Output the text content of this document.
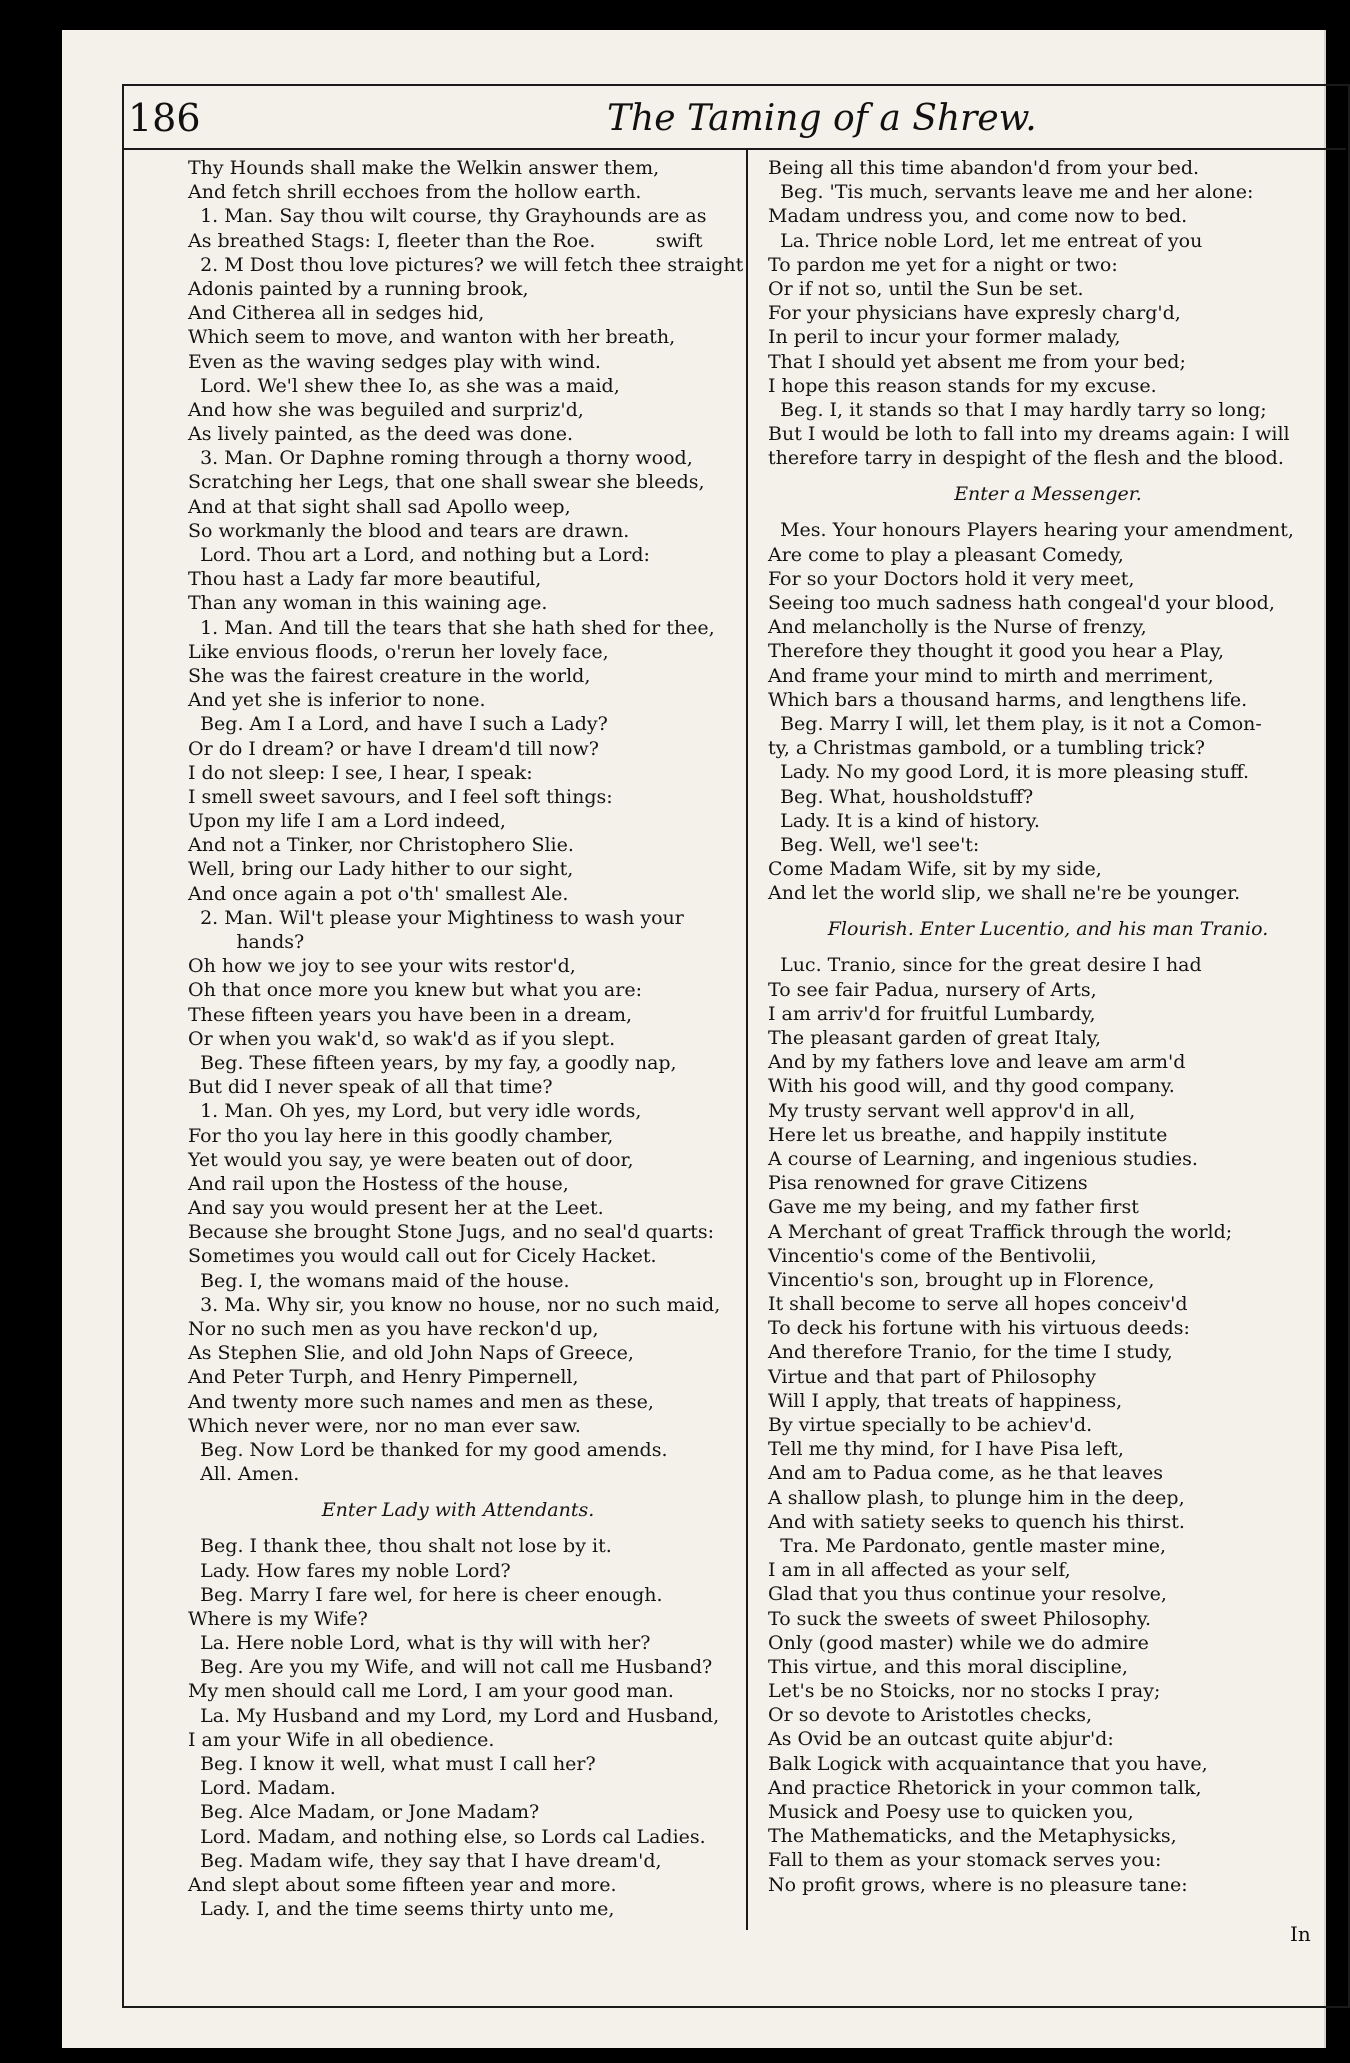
186	The Taming of a Shrew.
Thy Hounds shall make the Welkin answer them,
And fetch shrill ecchoes from the hollow earth.
1. Man. Say thou wilt course, thy Grayhounds are as
As breathed Stags: I, fleeter than the Roe.          swift
2. M Dost thou love pictures? we will fetch thee straight
Adonis painted by a running brook,
And Citherea all in sedges hid,
Which seem to move, and wanton with her breath,
Even as the waving sedges play with wind.
Lord. We'l shew thee Io, as she was a maid,
And how she was beguiled and surpriz'd,
As lively painted, as the deed was done.
3. Man. Or Daphne roming through a thorny wood,
Scratching her Legs, that one shall swear she bleeds,
And at that sight shall sad Apollo weep,
So workmanly the blood and tears are drawn.
Lord. Thou art a Lord, and nothing but a Lord:
Thou hast a Lady far more beautiful,
Than any woman in this waining age.
1. Man. And till the tears that she hath shed for thee,
Like envious floods, o'rerun her lovely face,
She was the fairest creature in the world,
And yet she is inferior to none.
Beg. Am I a Lord, and have I such a Lady?
Or do I dream? or have I dream'd till now?
I do not sleep: I see, I hear, I speak:
I smell sweet savours, and I feel soft things:
Upon my life I am a Lord indeed,
And not a Tinker, nor Christophero Slie.
Well, bring our Lady hither to our sight,
And once again a pot o'th' smallest Ale.
2. Man. Wil't please your Mightiness to wash your
hands?
Oh how we joy to see your wits restor'd,
Oh that once more you knew but what you are:
These fifteen years you have been in a dream,
Or when you wak'd, so wak'd as if you slept.
Beg. These fifteen years, by my fay, a goodly nap,
But did I never speak of all that time?
1. Man. Oh yes, my Lord, but very idle words,
For tho you lay here in this goodly chamber,
Yet would you say, ye were beaten out of door,
And rail upon the Hostess of the house,
And say you would present her at the Leet.
Because she brought Stone Jugs, and no seal'd quarts:
Sometimes you would call out for Cicely Hacket.
Beg. I, the womans maid of the house.
3. Ma. Why sir, you know no house, nor no such maid,
Nor no such men as you have reckon'd up,
As Stephen Slie, and old John Naps of Greece,
And Peter Turph, and Henry Pimpernell,
And twenty more such names and men as these,
Which never were, nor no man ever saw.
Beg. Now Lord be thanked for my good amends.
All. Amen.
Enter Lady with Attendants.
Beg. I thank thee, thou shalt not lose by it.
Lady. How fares my noble Lord?
Beg. Marry I fare wel, for here is cheer enough.
Where is my Wife?
La. Here noble Lord, what is thy will with her?
Beg. Are you my Wife, and will not call me Husband?
My men should call me Lord, I am your good man.
La. My Husband and my Lord, my Lord and Husband,
I am your Wife in all obedience.
Beg. I know it well, what must I call her?
Lord. Madam.
Beg. Alce Madam, or Jone Madam?
Lord. Madam, and nothing else, so Lords cal Ladies.
Beg. Madam wife, they say that I have dream'd,
And slept about some fifteen year and more.
Lady. I, and the time seems thirty unto me,
Being all this time abandon'd from your bed.
Beg. 'Tis much, servants leave me and her alone:
Madam undress you, and come now to bed.
La. Thrice noble Lord, let me entreat of you
To pardon me yet for a night or two:
Or if not so, until the Sun be set.
For your physicians have expresly charg'd,
In peril to incur your former malady,
That I should yet absent me from your bed;
I hope this reason stands for my excuse.
Beg. I, it stands so that I may hardly tarry so long;
But I would be loth to fall into my dreams again: I will
therefore tarry in despight of the flesh and the blood.
Enter a Messenger.
Mes. Your honours Players hearing your amendment,
Are come to play a pleasant Comedy,
For so your Doctors hold it very meet,
Seeing too much sadness hath congeal'd your blood,
And melancholly is the Nurse of frenzy,
Therefore they thought it good you hear a Play,
And frame your mind to mirth and merriment,
Which bars a thousand harms, and lengthens life.
Beg. Marry I will, let them play, is it not a Comon-
ty, a Christmas gambold, or a tumbling trick?
Lady. No my good Lord, it is more pleasing stuff.
Beg. What, housholdstuff?
Lady. It is a kind of history.
Beg. Well, we'l see't:
Come Madam Wife, sit by my side,
And let the world slip, we shall ne're be younger.
Flourish. Enter Lucentio, and his man Tranio.
Luc. Tranio, since for the great desire I had
To see fair Padua, nursery of Arts,
I am arriv'd for fruitful Lumbardy,
The pleasant garden of great Italy,
And by my fathers love and leave am arm'd
With his good will, and thy good company.
My trusty servant well approv'd in all,
Here let us breathe, and happily institute
A course of Learning, and ingenious studies.
Pisa renowned for grave Citizens
Gave me my being, and my father first
A Merchant of great Traffick through the world;
Vincentio's come of the Bentivolii,
Vincentio's son, brought up in Florence,
It shall become to serve all hopes conceiv'd
To deck his fortune with his virtuous deeds:
And therefore Tranio, for the time I study,
Virtue and that part of Philosophy
Will I apply, that treats of happiness,
By virtue specially to be achiev'd.
Tell me thy mind, for I have Pisa left,
And am to Padua come, as he that leaves
A shallow plash, to plunge him in the deep,
And with satiety seeks to quench his thirst.
Tra. Me Pardonato, gentle master mine,
I am in all affected as your self,
Glad that you thus continue your resolve,
To suck the sweets of sweet Philosophy.
Only (good master) while we do admire
This virtue, and this moral discipline,
Let's be no Stoicks, nor no stocks I pray;
Or so devote to Aristotles checks,
As Ovid be an outcast quite abjur'd:
Balk Logick with acquaintance that you have,
And practice Rhetorick in your common talk,
Musick and Poesy use to quicken you,
The Mathematicks, and the Metaphysicks,
Fall to them as your stomack serves you:
No profit grows, where is no pleasure tane:
In
